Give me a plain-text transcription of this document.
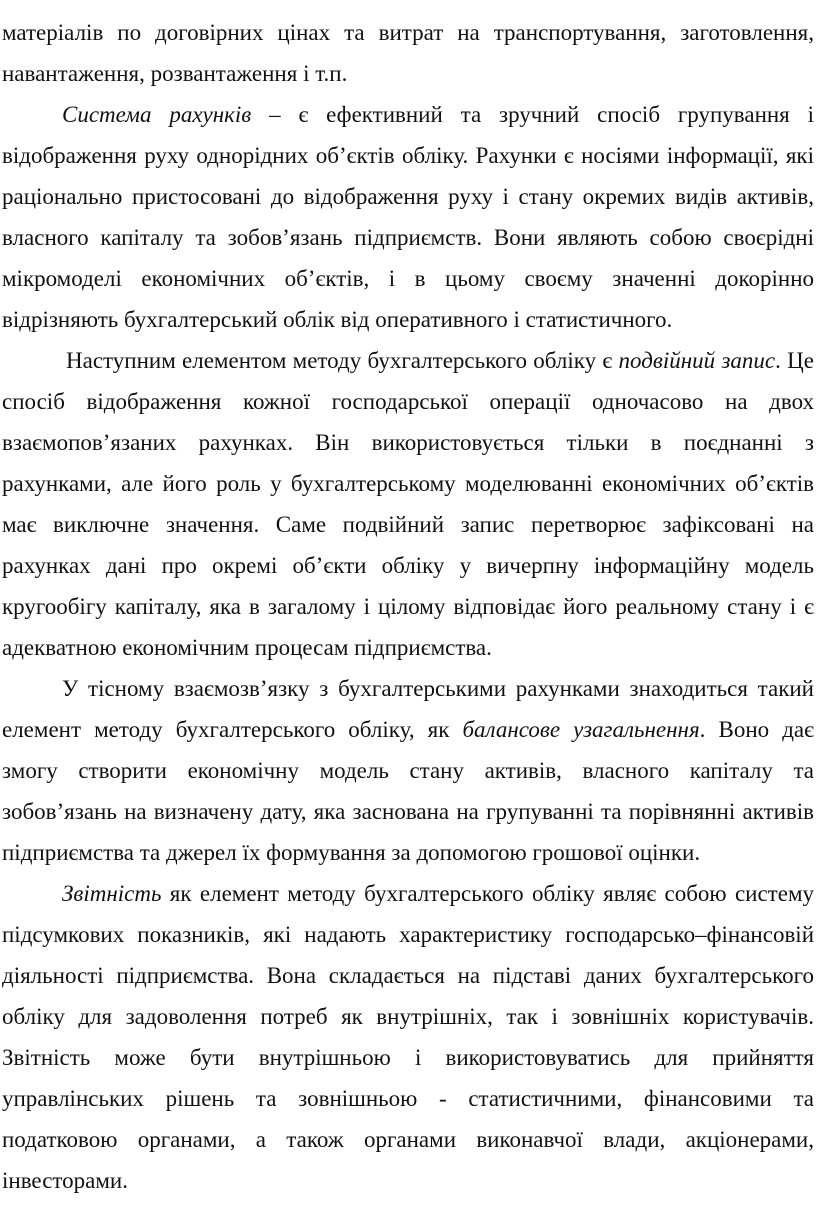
матеріалів по договірних цінах та витрат на транспортування, заготовлення, навантаження, розвантаження і т.п.

Система рахунків – є ефективний та зручний спосіб групування і відображення руху однорідних об’єктів обліку. Рахунки є носіями інформації, які раціонально пристосовані до відображення руху і стану окремих видів активів, власного капіталу та зобов’язань підприємств. Вони являють собою своєрідні мікромоделі економічних об’єктів, і в цьому своєму значенні докорінно відрізняють бухгалтерський облік від оперативного і статистичного.

Наступним елементом методу бухгалтерського обліку є подвійний запис. Це спосіб відображення кожної господарської операції одночасово на двох взаємопов’язаних рахунках. Він використовується тільки в поєднанні з рахунками, але його роль у бухгалтерському моделюванні економічних об’єктів має виключне значення. Саме подвійний запис перетворює зафіксовані на рахунках дані про окремі об’єкти обліку у вичерпну інформаційну модель кругообігу капіталу, яка в загалому і цілому відповідає його реальному стану і є адекватною економічним процесам підприємства.

У тісному взаємозв’язку з бухгалтерськими рахунками знаходиться такий елемент методу бухгалтерського обліку, як балансове узагальнення. Воно дає змогу створити економічну модель стану активів, власного капіталу та зобов’язань на визначену дату, яка заснована на групуванні та порівнянні активів підприємства та джерел їх формування за допомогою грошової оцінки.

Звітність як елемент методу бухгалтерського обліку являє собою систему підсумкових показників, які надають характеристику господарсько–фінансовій діяльності підприємства. Вона складається на підставі даних бухгалтерського обліку для задоволення потреб як внутрішніх, так і зовнішніх користувачів. Звітність може бути внутрішньою і використовуватись для прийняття управлінських рішень та зовнішньою - статистичними, фінансовими та податковою органами, а також органами виконавчої влади, акціонерами, інвесторами.
